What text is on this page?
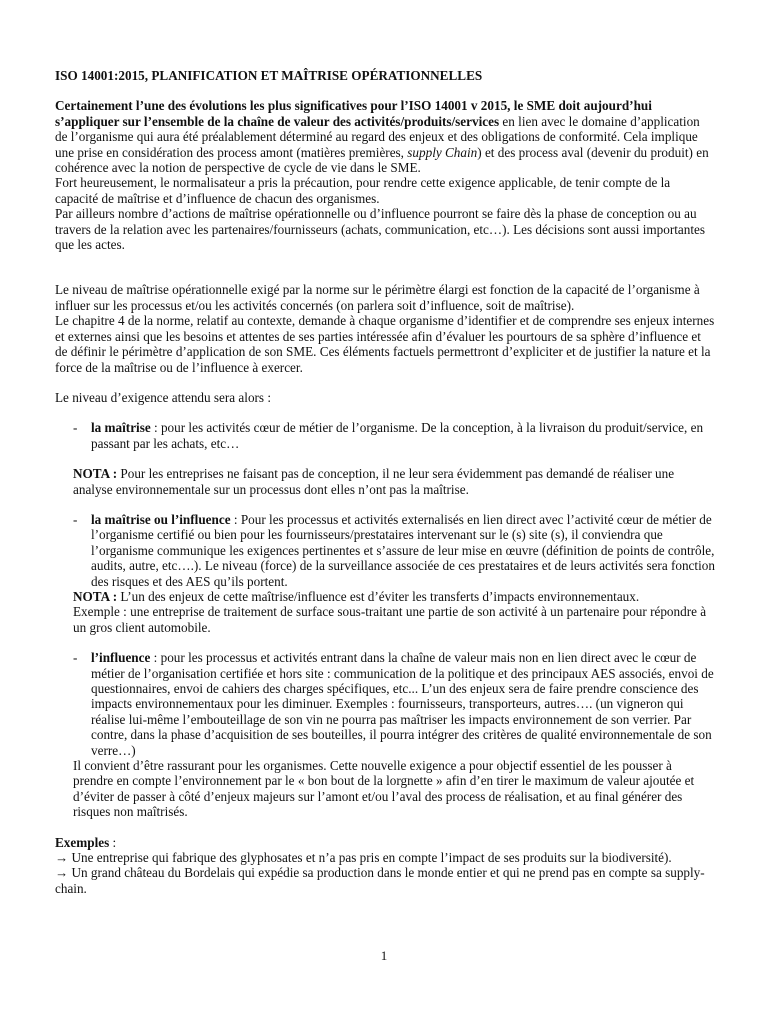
ISO 14001:2015, PLANIFICATION ET MAÎTRISE OPÉRATIONNELLES

Certainement l’une des évolutions les plus significatives pour l’ISO 14001 v 2015, le SME doit aujourd’hui s’appliquer sur l’ensemble de la chaîne de valeur des activités/produits/services en lien avec le domaine d’application de l’organisme qui aura été préalablement déterminé au regard des enjeux et des obligations de conformité. Cela implique une prise en considération des process amont (matières premières, supply Chain) et des process aval (devenir du produit) en cohérence avec la notion de perspective de cycle de vie dans le SME.

Fort heureusement, le normalisateur a pris la précaution, pour rendre cette exigence applicable, de tenir compte de la capacité de maîtrise et d’influence de chacun des organismes.

Par ailleurs nombre d’actions de maîtrise opérationnelle ou d’influence pourront se faire dès la phase de conception ou au travers de la relation avec les partenaires/fournisseurs (achats, communication, etc…). Les décisions sont aussi importantes que les actes.

Le niveau de maîtrise opérationnelle exigé par la norme sur le périmètre élargi est fonction de la capacité de l’organisme à influer sur les processus et/ou les activités concernés (on parlera soit d’influence, soit de maîtrise).

Le chapitre 4 de la norme, relatif au contexte, demande à chaque organisme d’identifier et de comprendre ses enjeux internes et externes ainsi que les besoins et attentes de ses parties intéressée afin d’évaluer les pourtours de sa sphère d’influence et de définir le périmètre d’application de son SME. Ces éléments factuels permettront d’expliciter et de justifier la nature et la force de la maîtrise ou de l’influence à exercer.

Le niveau d’exigence attendu sera alors :

- la maîtrise : pour les activités cœur de métier de l’organisme. De la conception, à la livraison du produit/service, en passant par les achats, etc…

NOTA : Pour les entreprises ne faisant pas de conception, il ne leur sera évidemment pas demandé de réaliser une analyse environnementale sur un processus dont elles n’ont pas la maîtrise.

- la maîtrise ou l’influence : Pour les processus et activités externalisés en lien direct avec l’activité cœur de métier de l’organisme certifié ou bien pour les fournisseurs/prestataires intervenant sur le (s) site (s), il conviendra que l’organisme communique les exigences pertinentes et s’assure de leur mise en œuvre (définition de points de contrôle, audits, autre, etc….). Le niveau (force) de la surveillance associée de ces prestataires et de leurs activités sera fonction des risques et des AES qu’ils portent.

NOTA : L’un des enjeux de cette maîtrise/influence est d’éviter les transferts d’impacts environnementaux.

Exemple : une entreprise de traitement de surface sous-traitant une partie de son activité à un partenaire pour répondre à un gros client automobile.

- l’influence : pour les processus et activités entrant dans la chaîne de valeur mais non en lien direct avec le cœur de métier de l’organisation certifiée et hors site : communication de la politique et des principaux AES associés, envoi de questionnaires, envoi de cahiers des charges spécifiques, etc... L’un des enjeux sera de faire prendre conscience des impacts environnementaux pour les diminuer. Exemples : fournisseurs, transporteurs, autres…. (un vigneron qui réalise lui-même l’embouteillage de son vin ne pourra pas maîtriser les impacts environnement de son verrier. Par contre, dans la phase d’acquisition de ses bouteilles, il pourra intégrer des critères de qualité environnementale de son verre…)

Il convient d’être rassurant pour les organismes. Cette nouvelle exigence a pour objectif essentiel de les pousser à prendre en compte l’environnement par le « bon bout de la lorgnette » afin d’en tirer le maximum de valeur ajoutée et d’éviter de passer à côté d’enjeux majeurs sur l’amont et/ou l’aval des process de réalisation, et au final générer des risques non maîtrisés.

Exemples :

→ Une entreprise qui fabrique des glyphosates et n’a pas pris en compte l’impact de ses produits sur la biodiversité).

→ Un grand château du Bordelais qui expédie sa production dans le monde entier et qui ne prend pas en compte sa supply-chain.

1
